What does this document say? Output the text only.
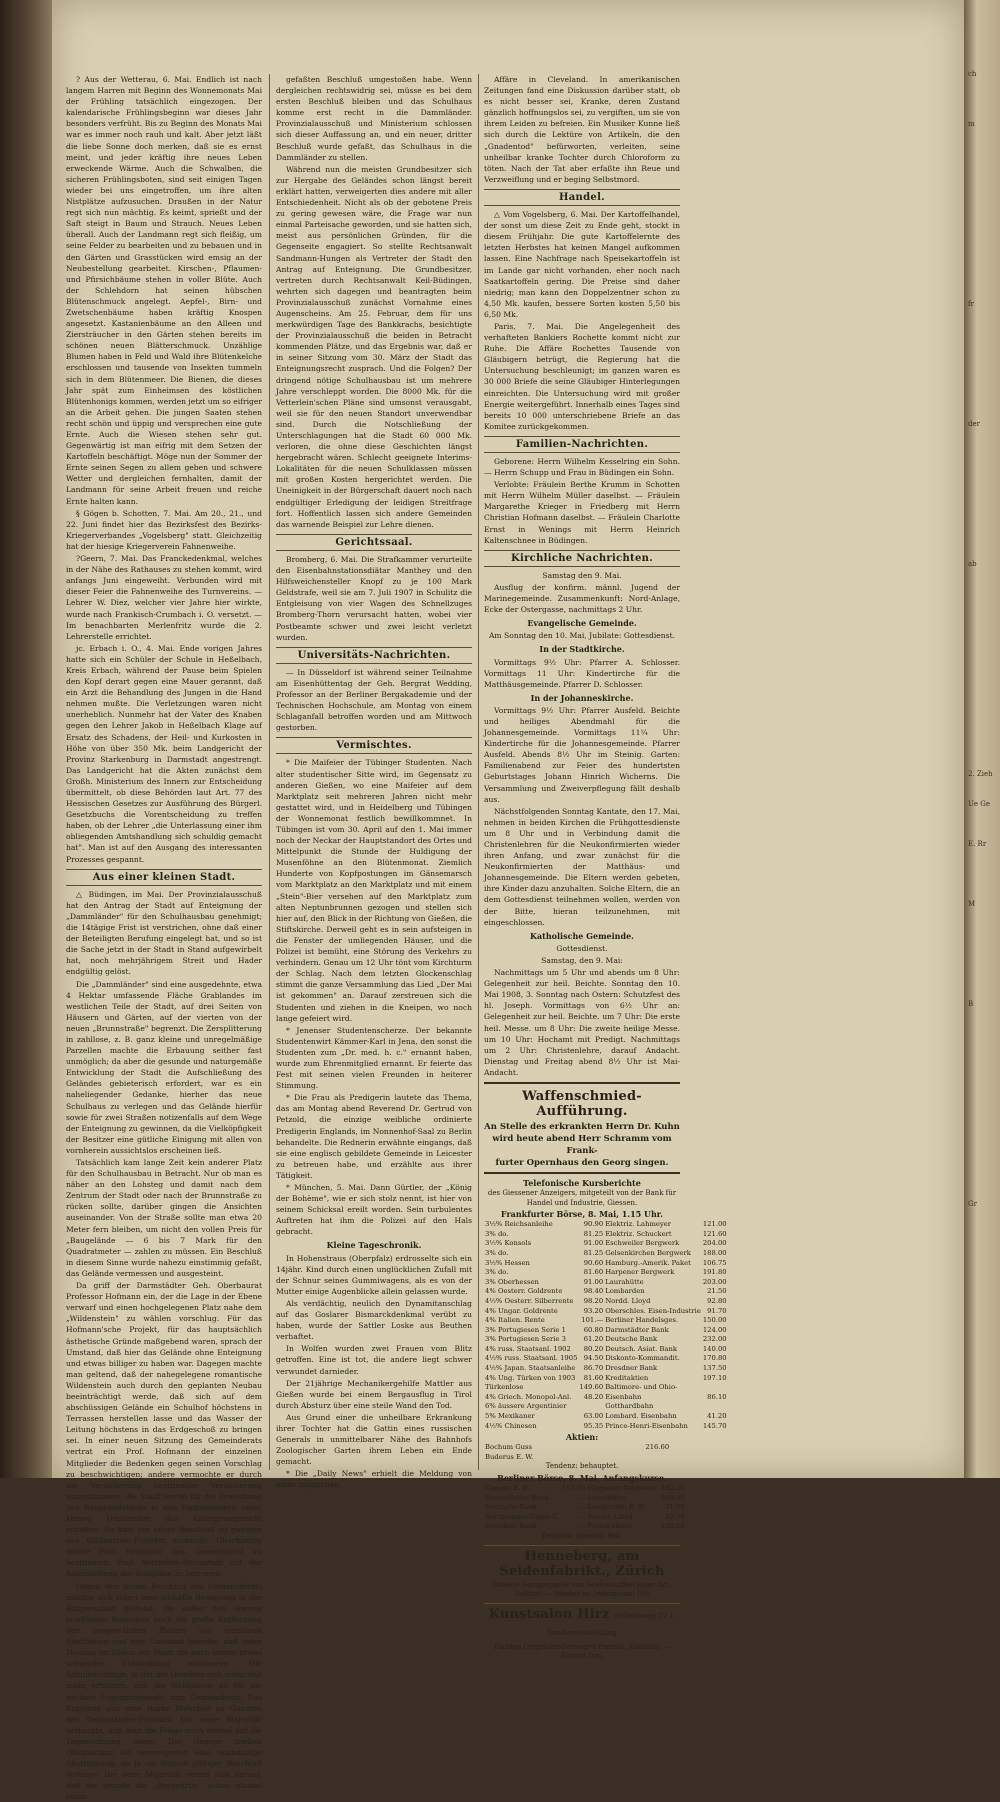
? Aus der Wetterau, 6. Mai. Endlich ist nach langem Harren mit Beginn des Wonnemonats Mai der Frühling tatsächlich eingezogen. Der kalendarische Frühlingsbeginn war dieses Jahr besonders verfrüht. Bis zu Beginn des Monats Mai war es immer noch rauh und kalt. Aber jetzt läßt die liebe Sonne doch merken, daß sie es ernst meint, und jeder kräftig ihre neues Leben erweckende Wärme. Auch die Schwalben, die sicheren Frühlingsboten, sind seit einigen Tagen wieder bei uns eingetroffen, um ihre alten Nistplätze aufzusuchen. Draußen in der Natur regt sich nun mächtig. Es keimt, sprießt und der Saft steigt in Baum und Strauch. Neues Leben überall. Auch der Landmann regt sich fleißig, um seine Felder zu bearbeiten und zu bebauen und in den Gärten und Grasstücken wird emsig an der Neubestellung gearbeitet. Kirschen-, Pflaumen- und Pfirsichbäume stehen in voller Blüte. Auch der Schlehdorn hat seinen hübschen Blütenschmuck angelegt. Aepfel-, Birn- und Zwetschenbäume haben kräftig Knospen angesetzt. Kastanienbäume an den Alleen und Ziersträucher in den Gärten stehen bereits im schönen neuen Blätterschmuck. Unzählige Blumen haben in Feld und Wald ihre Blütenkelche erschlossen und tausende von Insekten tummeln sich in dem Blütenmeer. Die Bienen, die dieses Jahr spät zum Einheimsen des köstlichen Blütenhonigs kommen, werden jetzt um so eifriger an die Arbeit gehen. Die jungen Saaten stehen recht schön und üppig und versprechen eine gute Ernte. Auch die Wiesen stehen sehr gut. Gegenwärtig ist man eifrig mit dem Setzen der Kartoffeln beschäftigt. Möge nun der Sommer der Ernte seinen Segen zu allem geben und schwere Wetter und dergleichen fernhalten, damit der Landmann für seine Arbeit freuen und reiche Ernte halten kann.

§ Gögen b. Schotten, 7. Mai. Am 20., 21., und 22. Juni findet hier das Bezirksfest des Bezirks-Kriegerverbandes „Vogelsberg" statt. Gleichzeitig hat der hiesige Kriegerverein Fahnenweihe.

?Geern, 7. Mai. Das Franckedenkmal, welches in der Nähe des Rathauses zu stehen kommt, wird anfangs Juni eingeweiht. Verbunden wird mit dieser Feier die Fahnenweihe des Turnvereins. — Lehrer W. Diez, welcher vier Jahre hier wirkte, wurde nach Frankisch-Crumbach i. O. versetzt. — Im benachbarten Merlenfritz wurde die 2. Lehrerstelle errichtet.

jc. Erbach i. O., 4. Mai. Ende vorigen Jahres hatte sich ein Schüler der Schule in Heßelbach, Kreis Erbach, während der Pause beim Spielen den Kopf derart gegen eine Mauer gerannt, daß ein Arzt die Behandlung des Jungen in die Hand nehmen mußte. Die Verletzungen waren nicht unerheblich. Nunmehr hat der Vater des Knaben gegen den Lehrer Jakob in Heßelbach Klage auf Ersatz des Schadens, der Heil- und Kurkosten in Höhe von über 350 Mk. beim Landgericht der Provinz Starkenburg in Darmstadt angestrengt. Das Landgericht hat die Akten zunächst dem Großh. Ministerium des Innern zur Entscheidung übermittelt, ob diese Behörden laut Art. 77 des Hessischen Gesetzes zur Ausführung des Bürgerl. Gesetzbuchs die Vorentscheidung zu treffen haben, ob der Lehrer „die Unterlassung einer ihm obliegenden Amtshandlung sich schuldig gemacht hat". Man ist auf den Ausgang des interessanten Prozesses gespannt.

Aus einer kleinen Stadt.

△ Büdingen, im Mai. Der Provinzialausschuß hat den Antrag der Stadt auf Enteignung der „Dammländer" für den Schulhausbau genehmigt; die 14tägige Frist ist verstrichen, ohne daß einer der Beteiligten Berufung eingelegt hat, und so ist die Sache jetzt in der Stadt in Stand aufgewirbelt hat, noch mehrjährigem Streit und Hader endgültig gelöst.

Die „Dammländer" sind eine ausgedehnte, etwa 4 Hektar umfassende Fläche Grablandes im westlichen Teile der Stadt, auf drei Seiten von Häusern und Gärten, auf der vierten von der neuen „Brunnstraße" begrenzt. Die Zersplitterung in zahllose, z. B. ganz kleine und unregelmäßige Parzellen machte die Erbauung seither fast unmöglich; da aber die gesunde und naturgemäße Entwicklung der Stadt die Aufschließung des Geländes gebieterisch erfordert, war es ein naheliegender Gedanke, hierher das neue Schulhaus zu verlegen und das Gelände hierfür sowie für zwei Straßen notizenfalls auf dem Wege der Enteignung zu gewinnen, da die Vielköpfigkeit der Besitzer eine gütliche Einigung mit allen von vornherein aussichtslos erscheinen ließ.

Tatsächlich kam lange Zeit kein anderer Platz für den Schulhausbau in Betracht. Nur ob man es näher an den Lohsteg und damit nach dem Zentrum der Stadt oder nach der Brunnstraße zu rücken sollte, darüber gingen die Ansichten auseinander. Von der Straße sollte man etwa 20 Meter fern bleiben, um nicht den vollen Preis für „Baugelände — 6 bis 7 Mark für den Quadratmeter — zahlen zu müssen. Ein Beschluß in diesem Sinne wurde nahezu einstimmig gefaßt, das Gelände vermessen und ausgesteint.

Da griff der Darmstädter Geh. Oberbaurat Professor Hofmann ein, der die Lage in der Ebene verwarf und einen hochgelegenen Platz nahe dem „Wildenstein" zu wählen vorschlug. Für das Hofmann'sche Projekt, für das hauptsächlich ästhetische Gründe maßgebend waren, sprach der Umstand, daß hier das Gelände ohne Enteignung und etwas billiger zu haben war. Dagegen machte man geltend, daß der nahegelegene romantische Wildenstein auch durch den geplanten Neubau beeinträchtigt werde, daß sich auf dem abschüssigen Gelände ein Schulhof höchstens in Terrassen herstellen lasse und das Wasser der Leitung höchstens in das Erdgeschoß zu bringen sei. In einer neuen Sitzung des Gemeinderats vertrat ein Prof. Hofmann der einzelnen Mitglieder die Bedenken gegen seinen Vorschlag zu beschwichtigen; andere vermochte er durch die Versicherung bestimmter Versicherung umzustimmen, die Stadt werde für die Erwerbung des Baugrundstücks in den Dammländern unter keinen Umständen das Enteignungsrecht erhalten. So kam ein neuer Beschluß zu gunsten des Wildenstein-Projekts zustande. Gleichzeitig wußte Prof. Hofmann den Gemeinderat zu bestimmen, Prof. Vetterlein-Darmstadt mit der Ausarbeitung der Baupläne zu betrauen.

Gegen den neuen Beschluß des Gemeinderats machte sich sofort eine lebhafte Bewegung in der Bürgerschaft geltend, die außer den obenen erwähnten Bedenken noch die große Entfernung des neugewählten Platzes von einzelnen Stadtteilen und den Umstand betonte, daß jeder Neubau im Süden der Stadt die noch immer etwas schwache Entwicklung erschwere. Die Schulhausfrage, in der die Gemüter sich mehr und mehr erhitzten, gab die Wahlparole ab für die nächste Ergänzungswahl zum Gemeinderat: Das Ergebnis war eine starke Mehrheit zu Gunsten des Dammländer-Projekts. Die neue Majorität verlangte, daß man die Frage noch einmal auf die Tagesordnung setze. Die Gegner trieben Obstruktion; sie verweigerten eine nochmalige Abstimmung, da ja ein formell gültiger Beschluß vorliege. Die neue Majorität verlief sich darauf, daß sie gerade die „Bergpartie" schon einmal einen

gefaßten Beschluß umgestoßen habe. Wenn dergleichen rechtswidrig sei, müsse es bei dem ersten Beschluß bleiben und das Schulhaus komme erst recht in die Dammländer. Provinzialausschuß und Ministerium schlossen sich dieser Auffassung an, und ein neuer, dritter Beschluß wurde gefaßt, das Schulhaus in die Dammländer zu stellen.

Während nun die meisten Grundbesitzer sich zur Hergabe des Geländes schon längst bereit erklärt hatten, verweigerten dies andere mit aller Entschiedenheit. Nicht als ob der gebotene Preis zu gering gewesen wäre, die Frage war nun einmal Parteisache geworden, und sie hatten sich, meist aus persönlichen Gründen, für die Gegenseite engagiert. So stellte Rechtsanwalt Sandmann-Hungen als Vertreter der Stadt den Antrag auf Enteignung. Die Grundbesitzer, vertreten durch Rechtsanwalt Keil-Büdingen, wehrten sich dagegen und beantragten beim Provinzialausschuß zunächst Vornahme eines Augenscheins. Am 25. Februar, dem für uns merkwürdigen Tage des Bankkrachs, besichtigte der Provinzialausschuß die beiden in Betracht kommenden Plätze, und das Ergebnis war, daß er in seiner Sitzung vom 30. März der Stadt das Enteignungsrecht zusprach. Und die Folgen? Der dringend nötige Schulhausbau ist um mehrere Jahre verschleppt worden. Die 8000 Mk. für die Vetterlein'schen Pläne sind umsonst verausgabt, weil sie für den neuen Standort unverwendbar sind. Durch die Notschließung der Unterschlagungen hat die Stadt 60 000 Mk. verloren, die ohne diese Geschichten längst hergebracht wären. Schlecht geeignete Interims-Lokalitäten für die neuen Schulklassen müssen mit großen Kosten hergerichtet werden. Die Uneinigkeit in der Bürgerschaft dauert noch nach endgültiger Erledigung der leidigen Streitfrage fort. Hoffentlich lassen sich andere Gemeinden das warnende Beispiel zur Lehre dienen.

Gerichtssaal.

Bromberg, 6. Mai. Die Strafkammer verurteilte den Eisenbahnstationsdiätar Manthey und den Hilfsweichensteller Knopf zu je 100 Mark Geldstrafe, weil sie am 7. Juli 1907 in Schulitz die Entgleisung von vier Wagen des Schnellzuges Bromberg-Thorn verursacht hatten, wobei vier Postbeamte schwer und zwei leicht verletzt wurden.

Universitäts-Nachrichten.

— In Düsseldorf ist während seiner Teilnahme am Eisenhüttentag der Geh. Bergrat Wedding, Professor an der Berliner Bergakademie und der Technischen Hochschule, am Montag von einem Schlaganfall betroffen worden und am Mittwoch gestorben.

Vermischtes.

* Die Maifeier der Tübinger Studenten. Nach alter studentischer Sitte wird, im Gegensatz zu anderen Gießen, wo eine Maifeier auf dem Marktplatz seit mehreren Jahren nicht mehr gestattet wird, und in Heidelberg und Tübingen der Wonnemonat festlich bewillkommnet. In Tübingen ist vom 30. April auf den 1. Mai immer noch der Neckar der Hauptstandort des Ortes und Mittelpunkt die Stunde der Huldigung der Musenföhne an den Blütenmonat. Ziemlich Hunderte von Kopfpostungen im Gänsemarsch vom Marktplatz an den Marktplatz und mit einem „Stein"-Bier versehen auf den Marktplatz zum alten Neptunbrunnen gezogen und stellen sich hier auf, den Blick in der Richtung von Gießen, die Stiftskirche. Derweil geht es in sein aufsteigen in die Fenster der umliegenden Häuser, und die Polizei ist bemüht, eine Störung des Verkehrs zu verhindern. Genau um 12 Uhr tönt vom Kirchturm der Schlag. Nach dem letzten Glockenschlag stimmt die ganze Versammlung das Lied „Der Mai ist gekommen" an. Darauf zerstreuen sich die Studenten und ziehen in die Kneipen, wo noch lange gefeiert wird.

* Jenenser Studentenscherze. Der bekannte Studentenwirt Kämmer-Karl in Jena, den sonst die Studenten zum „Dr. med. h. c." ernannt haben, wurde zum Ehrenmitglied ernannt. Er feierte das Fest mit seinen vielen Freunden in heiterer Stimmung.

* Die Frau als Predigerin lautete das Thema, das am Montag abend Reverend Dr. Gertrud von Petzold, die einzige weibliche ordinierte Predigerin Englands, im Nonnenhof-Saal zu Berlin behandelte. Die Rednerin erwähnte eingangs, daß sie eine englisch gebildete Gemeinde in Leicester zu betreuen habe, und erzählte aus ihrer Tätigkeit.

* München, 5. Mai. Dann Gürtler, der „König der Bohème", wie er sich stolz nennt, ist hier von seinem Schicksal ereilt worden. Sein turbulentes Auftreten hat ihm die Polizei auf den Hals gebracht.

Kleine Tageschronik.

In Hohenstraus (Oberpfalz) erdrosselte sich ein 14jähr. Kind durch einen unglücklichen Zufall mit der Schnur seines Gummiwagens, als es von der Mutter einige Augenblicke allein gelassen wurde.

Als verdächtig, neulich den Dynamitanschlag auf das Goslarer Bismarckdenkmal verübt zu haben, wurde der Sattler Loske aus Beuthen verhaftet.

In Wolfen wurden zwei Frauen vom Blitz getroffen. Eine ist tot, die andere liegt schwer verwundet darnieder.

Der 21jährige Mechanikergehilfe Mattler aus Gießen wurde bei einem Bergausflug in Tirol durch Absturz über eine steile Wand den Tod.

Aus Grund einer die unheilbare Erkrankung ihrer Tochter hat die Gattin eines russischen Generals in unmittelbarer Nähe des Bahnhofs Zoologischer Garten ihrem Leben ein Ende gemacht.

* Die „Daily News" erhielt die Meldung von einer tragischen

Affäre in Cleveland. In amerikanischen Zeitungen fand eine Diskussion darüber statt, ob es nicht besser sei, Kranke, deren Zustand gänzlich hoffnungslos sei, zu vergiften, um sie von ihrem Leiden zu befreien. Ein Musiker Kunne ließ sich durch die Lektüre von Artikeln, die den „Gnadentod" befürworten, verleiten, seine unheilbar kranke Tochter durch Chloroform zu töten. Nach der Tat aber erfaßte ihn Reue und Verzweiflung und er beging Selbstmord.

Handel.

△ Vom Vogelsberg, 6. Mai. Der Kartoffelhandel, der sonst um diese Zeit zu Ende geht, stockt in diesem Frühjahr. Die gute Kartoffelernte des letzten Herbstes hat keinen Mangel aufkommen lassen. Eine Nachfrage nach Speisekartoffeln ist im Lande gar nicht vorhanden, eher noch nach Saatkartoffeln gering. Die Preise sind daher niedrig; man kann den Doppelzentner schon zu 4,50 Mk. kaufen, bessere Sorten kosten 5,50 bis 6,50 Mk.

Paris, 7. Mai. Die Angelegenheit des verhafteten Bankiers Rochette kommt nicht zur Ruhe. Die Affäre Rochettes Tausende von Gläubigern betrügt, die Regierung hat die Untersuchung beschleunigt; im ganzen waren es 30 000 Briefe die seine Gläubiger Hinterlegungen einreichten. Die Untersuchung wird mit großer Energie weitergeführt. Innerhalb eines Tages sind bereits 10 000 unterschriebene Briefe an das Komitee zurückgekommen.

Familien-Nachrichten.

Geborene: Herrn Wilhelm Kesselring ein Sohn. — Herrn Schupp und Frau in Büdingen ein Sohn.

Verlobte: Fräulein Berthe Krumm in Schotten mit Herrn Wilhelm Müller daselbst. — Fräulein Margarethe Krieger in Friedberg mit Herrn Christian Hofmann daselbst. — Fräulein Charlotte Ernst in Wenings mit Herrn Heinrich Kaltenschnee in Büdingen.

Kirchliche Nachrichten.

Samstag den 9. Mai.

Ausflug der konfirm. männl. Jugend der Marinegemeinde. Zusammenkunft: Nord-Anlage, Ecke der Ostergasse, nachmittags 2 Uhr.

Evangelische Gemeinde.

Am Sonntag den 10. Mai, Jubilate: Gottesdienst.

In der Stadtkirche.

Vormittags 9½ Uhr: Pfarrer A. Schlosser. Vormittags 11 Uhr: Kindertirche für die Matthäusgemeinde. Pfarrer D. Schlosser.

In der Johanneskirche.

Vormittags 9½ Uhr: Pfarrer Ausfeld. Beichte und heiliges Abendmahl für die Johannesgemeinde. Vormittags 11¼ Uhr: Kindertirche für die Johannesgemeinde. Pfarrer Ausfeld. Abends 8½ Uhr im Steinig. Garten: Familienabend zur Feier des hundertsten Geburtstages Johann Hinrich Wicherns. Die Versammlung und Zweiverpflegung fällt deshalb aus.

Nächstfolgenden Sonntag Kantate, den 17. Mai, nehmen in beiden Kirchen die Frühgottesdienste um 8 Uhr und in Verbindung damit die Christenlehren für die Neukonfirmierten wieder ihren Anfang, und zwar zunächst für die Neukonfirmierten der Matthäus- und Johannesgemeinde. Die Eltern werden gebeten, ihre Kinder dazu anzuhalten. Solche Eltern, die an dem Gottesdienst teilnehmen wollen, werden von der Bitte, hieran teilzunehmen, mit eingeschlossen.

Katholische Gemeinde.

Gottesdienst.

Samstag, den 9. Mai:

Nachmittags um 5 Uhr und abends um 8 Uhr: Gelegenheit zur heil. Beichte. Sonntag den 10. Mai 1908, 3. Sonntag nach Ostern: Schutzfest des hl. Joseph. Vormittags von 6½ Uhr an: Gelegenheit zur heil. Beichte. um 7 Uhr: Die erste heil. Messe. um 8 Uhr: Die zweite heilige Messe. um 10 Uhr: Hochamt mit Predigt. Nachmittags um 2 Uhr: Christenlehre, darauf Andacht. Dienstag und Freitag abend 8½ Uhr ist Mai-Andacht.

Waffenschmied-Aufführung.
An Stelle des erkrankten Herrn Dr. Kuhn
wird heute abend Herr Schramm vom Frank-
furter Opernhaus den Georg singen.
Telefonische Kursberichte
des Giessener Anzeigers, mitgeteilt von der Bank für Handel und Industrie, Giessen.
Frankfurter Börse, 8. Mai, 1.15 Uhr.
3½% Reichsanleihe	90.90	Elektriz. Lahmeyer	121.00
3% do.	81.25	Elektriz. Schuckert	121.60
3½% Konsols	91.00	Eschweiler Bergwerk	204.00
3% do.	81.25	Gelsenkirchen Bergwerk	188.00
3½% Hessen	90.60	Hamburg.-Amerik. Paket	106.75
3% do.	81.60	Harpener Bergwerk	191.80
3% Oberhessen	91.00	Laurahütte	203.00
4% Oesterr. Goldrente	98.40	Lombarden	21.50
4½% Oesterr. Silberrente	98.20	Nordd. Lloyd	92.80
4% Ungar. Goldrente	93.20	Oberschles. Eisen-Industrie	91.70
4% Italien. Rente	101.—	Berliner Handelsges.	150.00
3% Portugiesen Serie 1	60.80	Darmstädter Bank	124.00
3% Portugiesen Serie 3	61.20	Deutsche Bank	232.00
4% russ. Staatsanl. 1902	80.20	Deutsch. Asiat. Bank	140.00
4½% russ. Staatsanl. 1905	94.50	Diskonto-Kommandit.	170.80
4½% Japan. Staatsanleihe	86.70	Dresdner Bank	137.50
4% Ung. Türken von 1903	81.60	Kreditaktien	197.10
Türkenlose	149.60	Baltimore- und Ohio-	
4% Griech. Monopol-Anl.	48.20	Eisenbahn	86.10
6% äussere Argentinier		Gotthardbahn	
5% Mexikaner	63.00	Lombard. Eisenbahn	41.20
4½% Chinesen	95.35	Prince-Henri-Eisenbahn	145.70
Aktien:
Bochum Guss	216.60		
Buderus E. W.			
Tendenz: behauptet.
Berliner Börse, 8. Mai, Anfangskurse.
Canada E. B.	152.90	Harpener Bergwerk.	192.30
Darmstädter Bank	—	Laurahütte	203.50
Deutsche Bank	—	Lombarden E. B.	21.50
Dortmunder-Union C.	—	Nordd. Lloyd	92.70
Dresdner Bank	—	Prince-Henri	150.10
Tendenz: ziemlich fest.
Henneberg, am Seidenfabrikt., Zürich
Direkte Bezugsquelle von Seidenstoffen jeder Art.
Zollfrei! — Muster an Jedermann! D¼
Kunstsalon Hirz Seltersweg 22 I. Sonderausstellung
Farbige Originalradierungen französ. Künstler. — Eintritt frei.
ch
m
fr
der
ab
2. Zieh
Ue Ge
E. Rr
M
B
Gr
